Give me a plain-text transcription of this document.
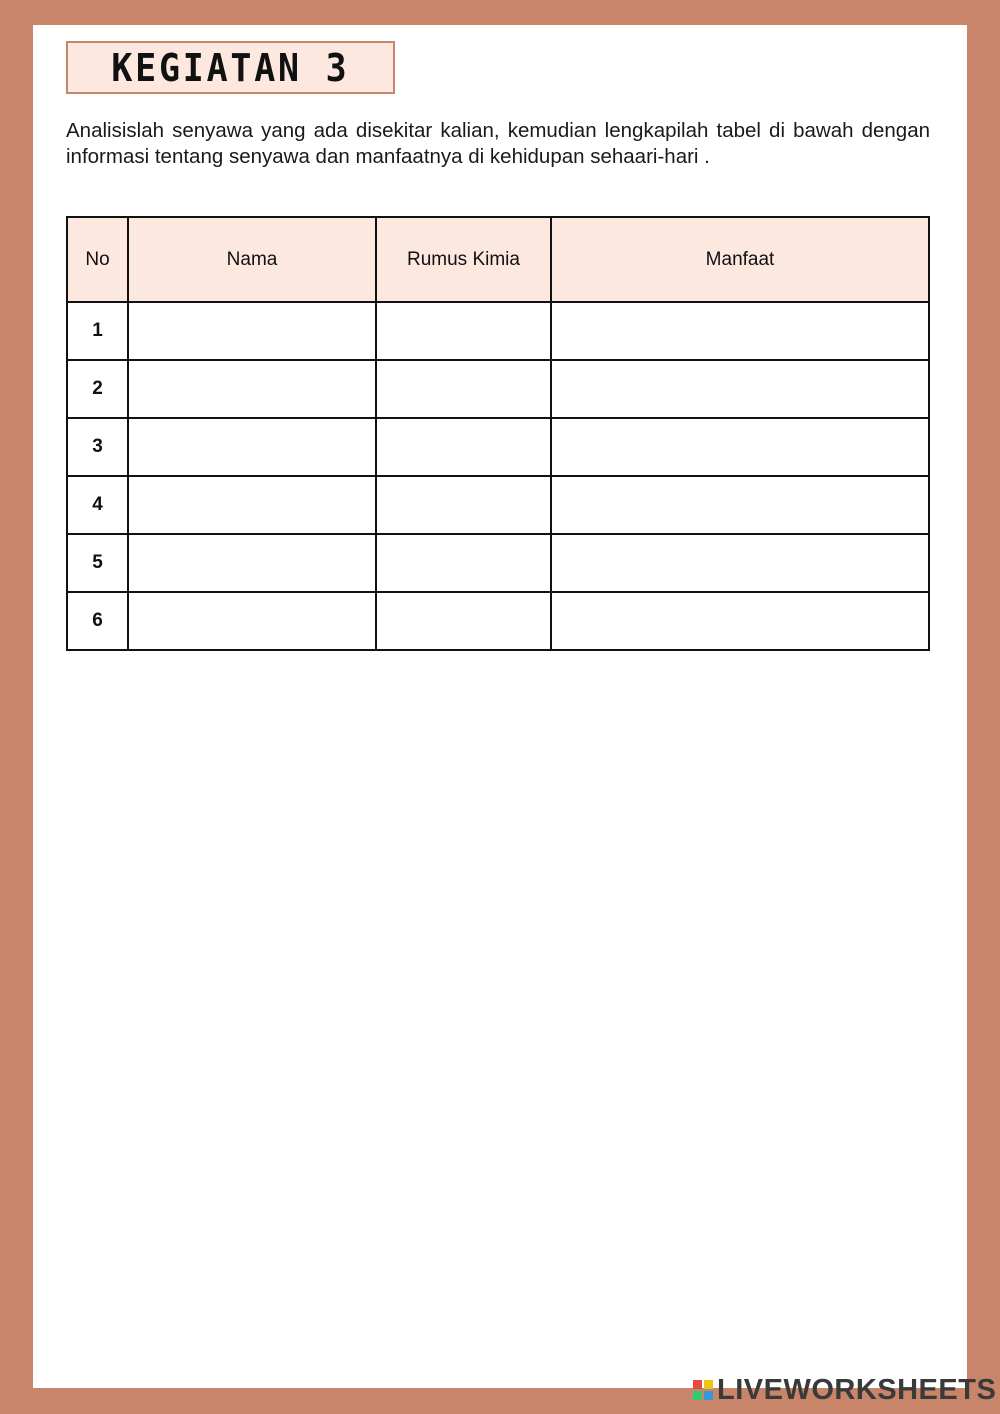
KEGIATAN 3

Analisislah senyawa yang ada disekitar kalian, kemudian lengkapilah tabel di bawah dengan informasi tentang senyawa dan manfaatnya di kehidupan sehaari-hari .

No	Nama	Rumus Kimia	Manfaat
1			
2			
3			
4			
5			
6			
LIVEWORKSHEETS
